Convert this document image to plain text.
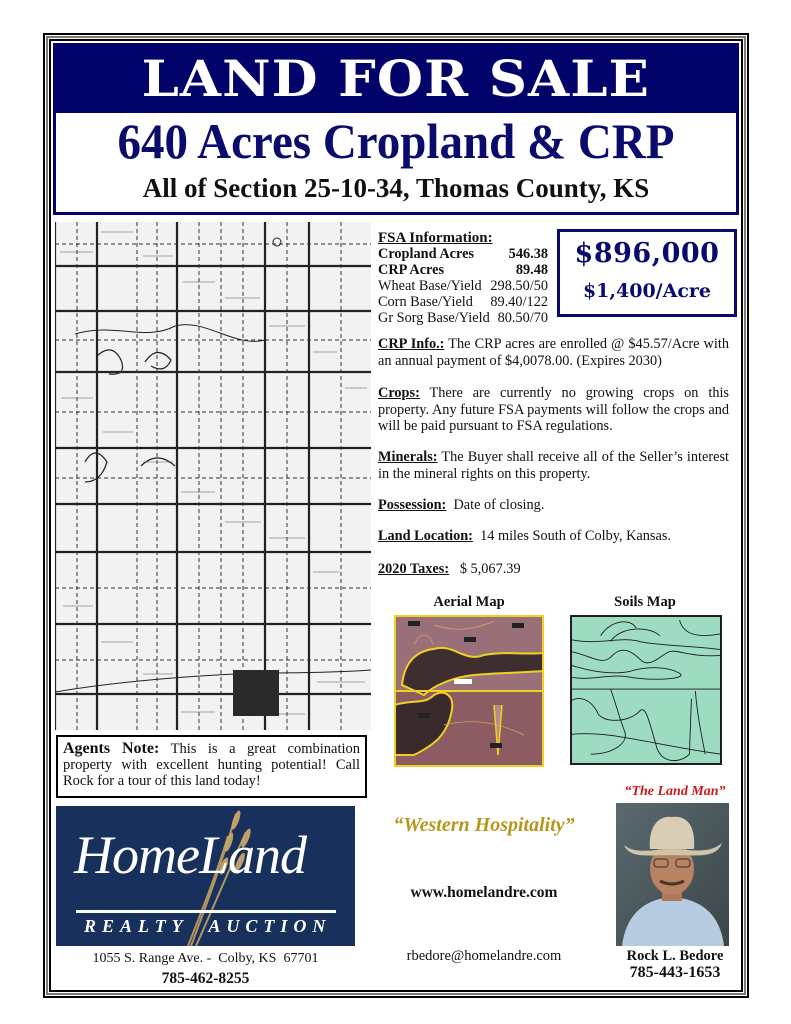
LAND FOR SALE
640 Acres Cropland & CRP
All of Section 25-10-34, Thomas County, KS
FSA Information:
Cropland Acres 546.38
CRP Acres	89.48
Wheat Base/Yield 298.50/50
Corn Base/Yield 89.40/122
Gr Sorg Base/Yield 80.50/70
$896,000
$1,400/Acre
CRP Info.: The CRP acres are enrolled @ $45.57/Acre with an annual payment of $4,0078.00. (Expires 2030)
Crops: There are currently no growing crops on this property. Any future FSA payments will follow the crops and will be paid pursuant to FSA regulations.
Minerals: The Buyer shall receive all of the Seller’s interest in the mineral rights on this property.
Possession:  Date of closing.
Land Location:  14 miles South of Colby, Kansas.
2020 Taxes:   $ 5,067.39
Aerial Map	Soils Map
Agents Note: This is a great combination property with excellent hunting potential! Call Rock for a tour of this land today!
HomeLand
REALTY  AUCTION
1055 S. Range Ave. -  Colby, KS  67701
785-462-8255
“Western Hospitality”
www.homelandre.com
rbedore@homelandre.com
“The Land Man”
Rock L. Bedore
785-443-1653
